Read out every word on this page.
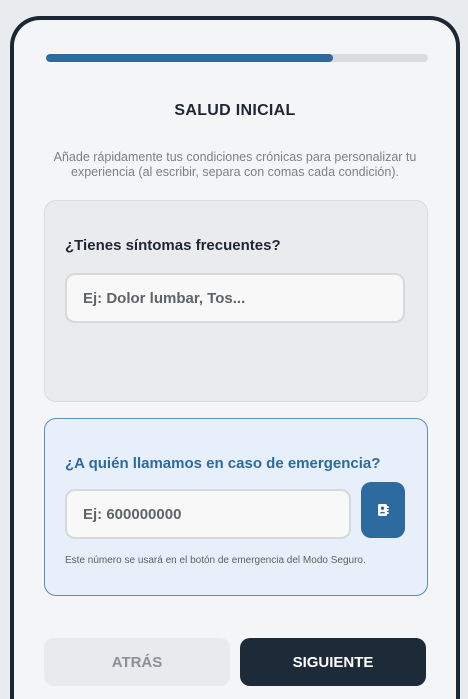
SALUD INICIAL
Añade rápidamente tus condiciones crónicas para personalizar tu experiencia (al escribir, separa con comas cada condición).
¿Tienes síntomas frecuentes?
Ej: Dolor lumbar, Tos...
¿A quién llamamos en caso de emergencia?
Ej: 600000000
Este número se usará en el botón de emergencia del Modo Seguro.
ATRÁS	SIGUIENTE
